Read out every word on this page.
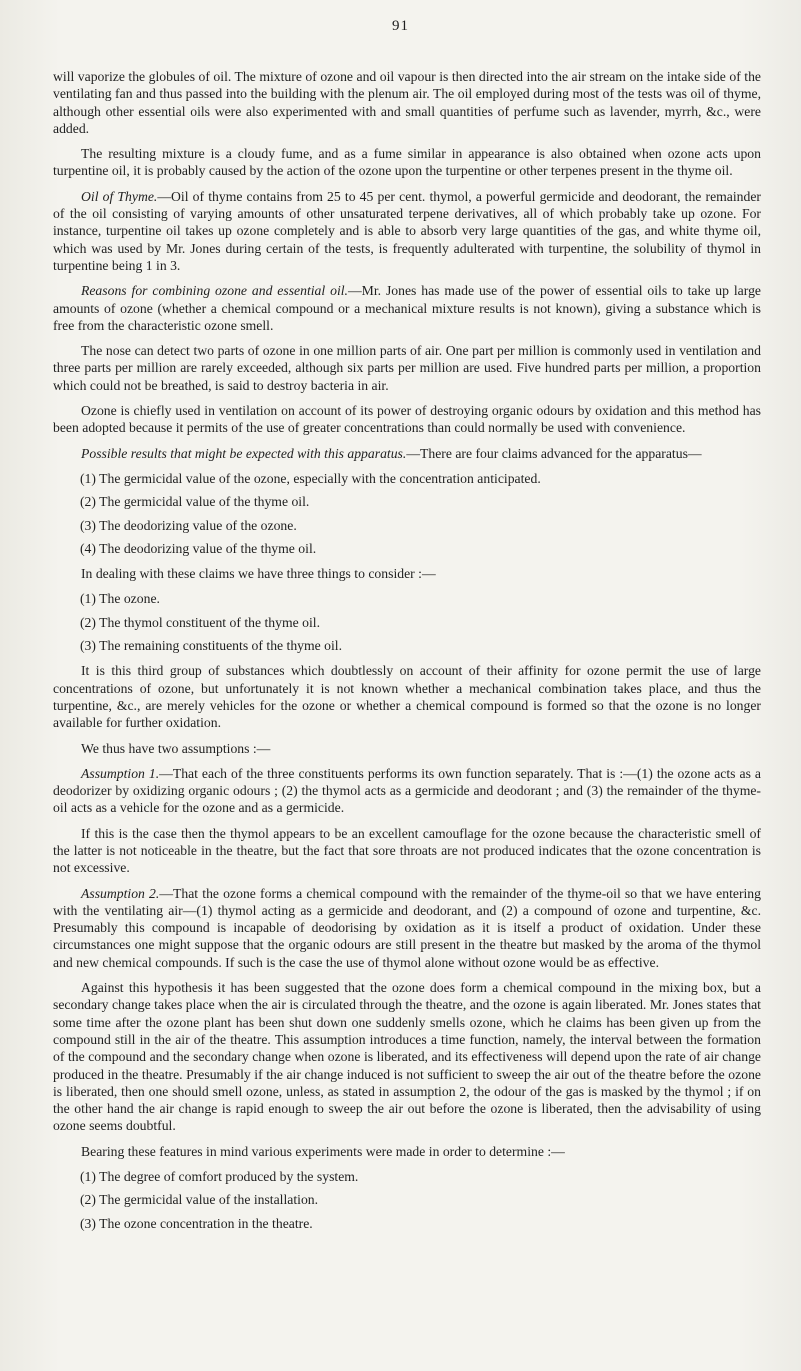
91

will vaporize the globules of oil. The mixture of ozone and oil vapour is then directed into the air stream on the intake side of the ventilating fan and thus passed into the building with the plenum air. The oil employed during most of the tests was oil of thyme, although other essential oils were also experimented with and small quantities of perfume such as lavender, myrrh, &c., were added.

The resulting mixture is a cloudy fume, and as a fume similar in appearance is also obtained when ozone acts upon turpentine oil, it is probably caused by the action of the ozone upon the turpentine or other terpenes present in the thyme oil.

Oil of Thyme.—Oil of thyme contains from 25 to 45 per cent. thymol, a powerful germicide and deodorant, the remainder of the oil consisting of varying amounts of other unsaturated terpene derivatives, all of which probably take up ozone. For instance, turpentine oil takes up ozone completely and is able to absorb very large quantities of the gas, and white thyme oil, which was used by Mr. Jones during certain of the tests, is frequently adulterated with turpentine, the solubility of thymol in turpentine being 1 in 3.

Reasons for combining ozone and essential oil.—Mr. Jones has made use of the power of essential oils to take up large amounts of ozone (whether a chemical compound or a mechanical mixture results is not known), giving a substance which is free from the characteristic ozone smell.

The nose can detect two parts of ozone in one million parts of air. One part per million is commonly used in ventilation and three parts per million are rarely exceeded, although six parts per million are used. Five hundred parts per million, a proportion which could not be breathed, is said to destroy bacteria in air.

Ozone is chiefly used in ventilation on account of its power of destroying organic odours by oxidation and this method has been adopted because it permits of the use of greater concentrations than could normally be used with convenience.

Possible results that might be expected with this apparatus.—There are four claims advanced for the apparatus—

(1) The germicidal value of the ozone, especially with the concentration anticipated.
(2) The germicidal value of the thyme oil.
(3) The deodorizing value of the ozone.
(4) The deodorizing value of the thyme oil.

In dealing with these claims we have three things to consider :—

(1) The ozone.
(2) The thymol constituent of the thyme oil.
(3) The remaining constituents of the thyme oil.

It is this third group of substances which doubtlessly on account of their affinity for ozone permit the use of large concentrations of ozone, but unfortunately it is not known whether a mechanical combination takes place, and thus the turpentine, &c., are merely vehicles for the ozone or whether a chemical compound is formed so that the ozone is no longer available for further oxidation.

We thus have two assumptions :—

Assumption 1.—That each of the three constituents performs its own function separately. That is :—(1) the ozone acts as a deodorizer by oxidizing organic odours ; (2) the thymol acts as a germicide and deodorant ; and (3) the remainder of the thyme-oil acts as a vehicle for the ozone and as a germicide.

If this is the case then the thymol appears to be an excellent camouflage for the ozone because the characteristic smell of the latter is not noticeable in the theatre, but the fact that sore throats are not produced indicates that the ozone concentration is not excessive.

Assumption 2.—That the ozone forms a chemical compound with the remainder of the thyme-oil so that we have entering with the ventilating air—(1) thymol acting as a germicide and deodorant, and (2) a compound of ozone and turpentine, &c. Presumably this compound is incapable of deodorising by oxidation as it is itself a product of oxidation. Under these circumstances one might suppose that the organic odours are still present in the theatre but masked by the aroma of the thymol and new chemical compounds. If such is the case the use of thymol alone without ozone would be as effective.

Against this hypothesis it has been suggested that the ozone does form a chemical compound in the mixing box, but a secondary change takes place when the air is circulated through the theatre, and the ozone is again liberated. Mr. Jones states that some time after the ozone plant has been shut down one suddenly smells ozone, which he claims has been given up from the compound still in the air of the theatre. This assumption introduces a time function, namely, the interval between the formation of the compound and the secondary change when ozone is liberated, and its effectiveness will depend upon the rate of air change produced in the theatre. Presumably if the air change induced is not sufficient to sweep the air out of the theatre before the ozone is liberated, then one should smell ozone, unless, as stated in assumption 2, the odour of the gas is masked by the thymol ; if on the other hand the air change is rapid enough to sweep the air out before the ozone is liberated, then the advisability of using ozone seems doubtful.

Bearing these features in mind various experiments were made in order to determine :—

(1) The degree of comfort produced by the system.
(2) The germicidal value of the installation.
(3) The ozone concentration in the theatre.
